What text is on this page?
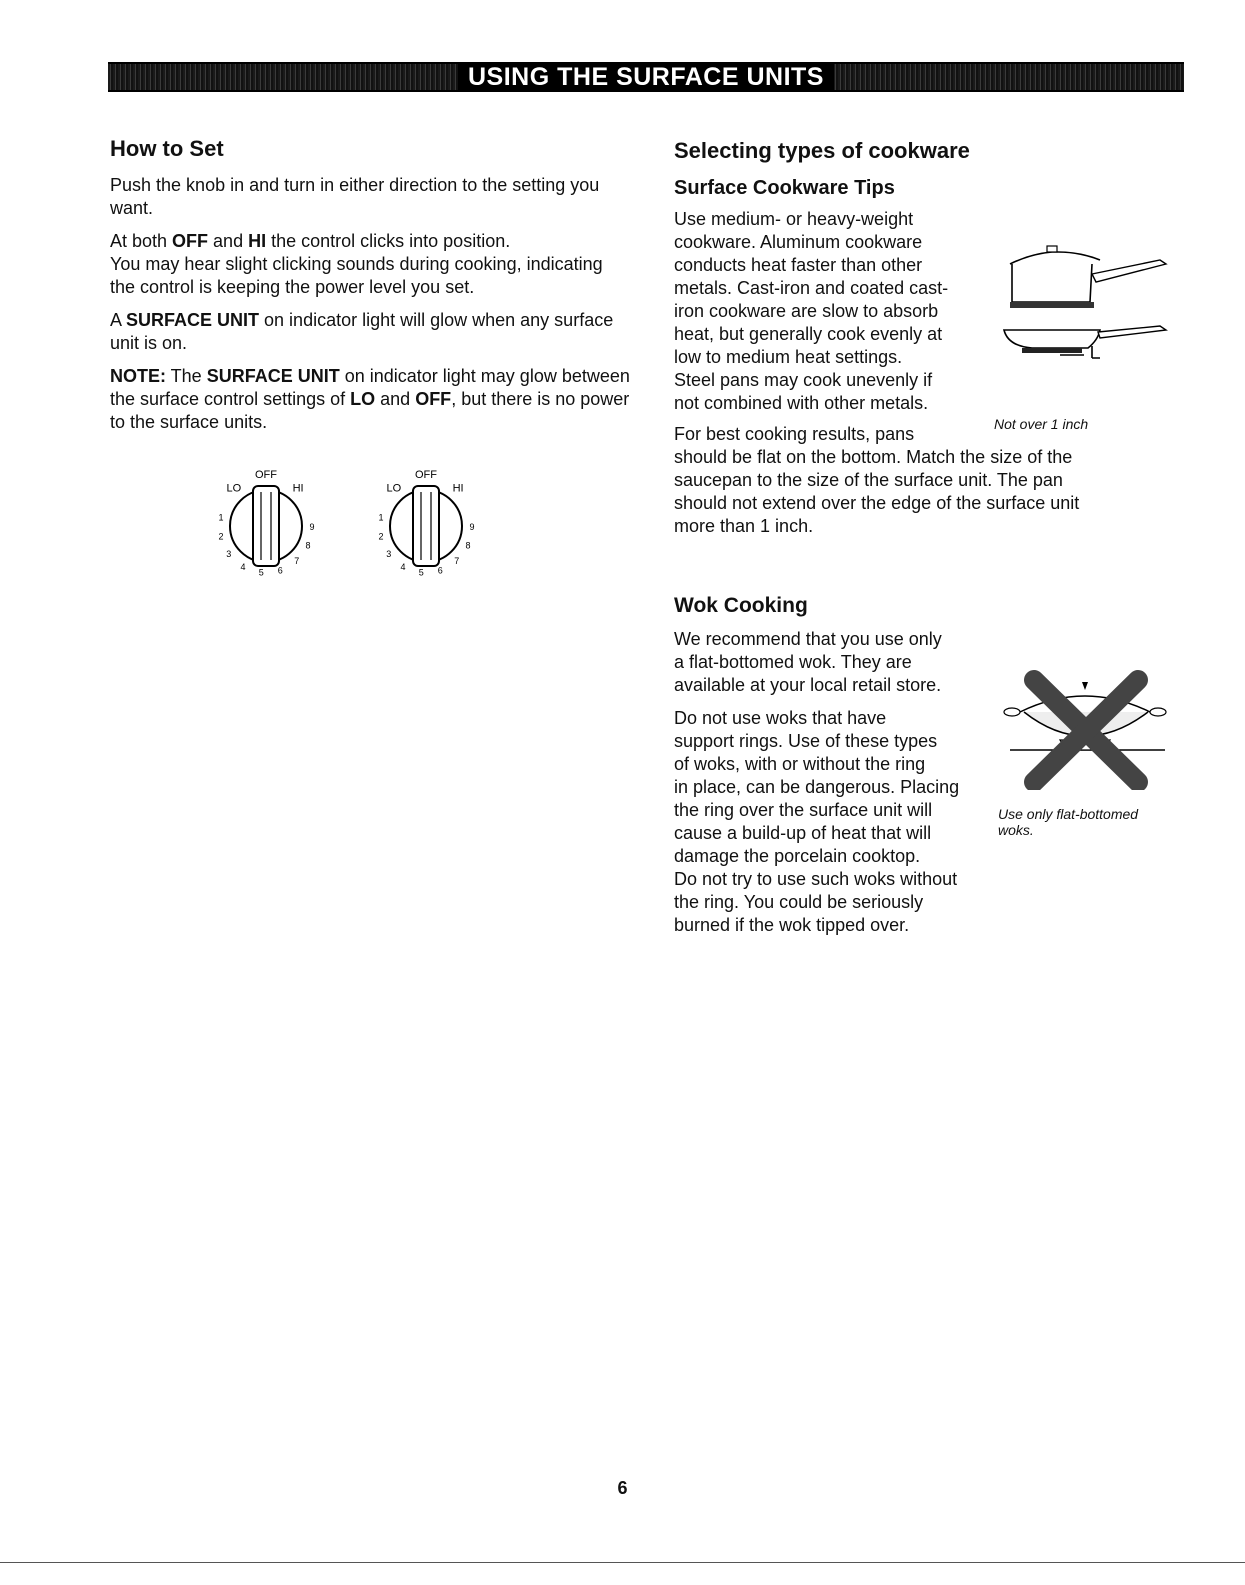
USING THE SURFACE UNITS
How to Set

Push the knob in and turn in either direction to the setting you want.

At both OFF and HI the control clicks into position.

You may hear slight clicking sounds during cooking, indicating the control is keeping the power level you set.

A SURFACE UNIT on indicator light will glow when any surface unit is on.

NOTE: The SURFACE UNIT on indicator light may glow between the surface control settings of LO and OFF, but there is no power to the surface units.

OFF
LO	HI
1
2
3
4
5 6
7
8
9
OFF
LO	HI
1
2
3
4
5 6
7
8
9
Selecting types of cookware
Surface Cookware Tips

Use medium- or heavy-weight
cookware. Aluminum cookware
conducts heat faster than other
metals. Cast-iron and coated cast-
iron cookware are slow to absorb
heat, but generally cook evenly at
low to medium heat settings.
Steel pans may cook unevenly if
not combined with other metals.

Not over 1 inch

For best cooking results, pans
should be flat on the bottom. Match the size of the
saucepan to the size of the surface unit. The pan
should not extend over the edge of the surface unit
more than 1 inch.

Wok Cooking

We recommend that you use only
a flat-bottomed wok. They are
available at your local retail store.

Do not use woks that have
support rings. Use of these types
of woks, with or without the ring
in place, can be dangerous. Placing
the ring over the surface unit will
cause a build-up of heat that will
damage the porcelain cooktop.
Do not try to use such woks without
the ring. You could be seriously
burned if the wok tipped over.

Use only flat-bottomed
woks.
6
